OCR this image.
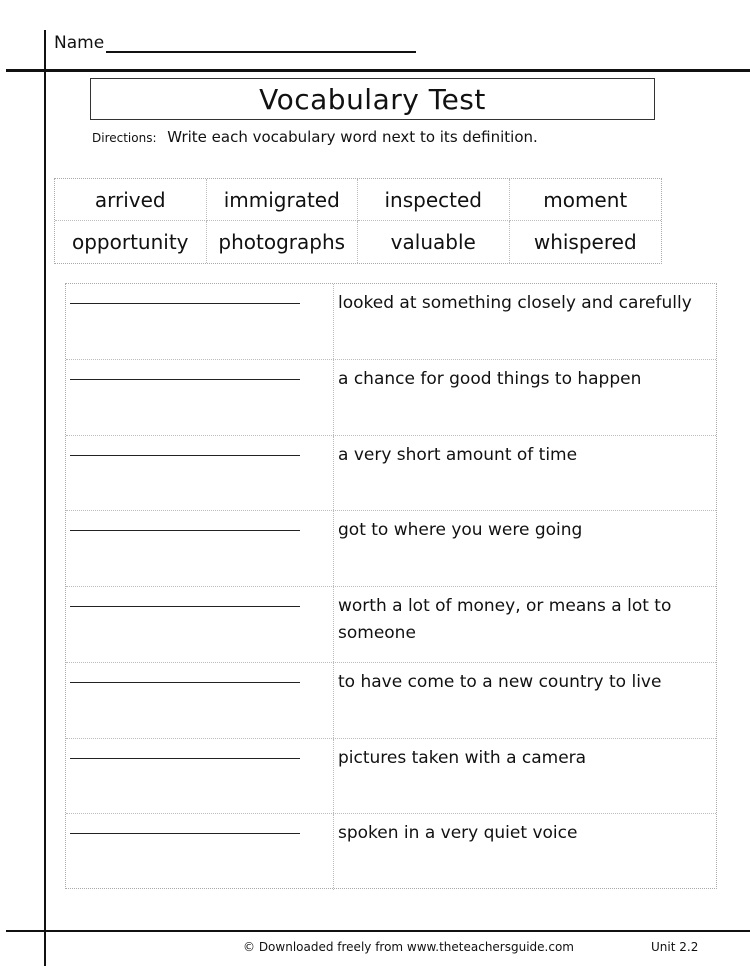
Name
Vocabulary Test
Directions: Write each vocabulary word next to its definition.
arrived	immigrated	inspected	moment
opportunity	photographs	valuable	whispered
looked at something closely and carefully
a chance for good things to happen
a very short amount of time
got to where you were going
worth a lot of money, or means a lot to someone
to have come to a new country to live
pictures taken with a camera
spoken in a very quiet voice
© Downloaded freely from www.theteachersguide.com	Unit 2.2
